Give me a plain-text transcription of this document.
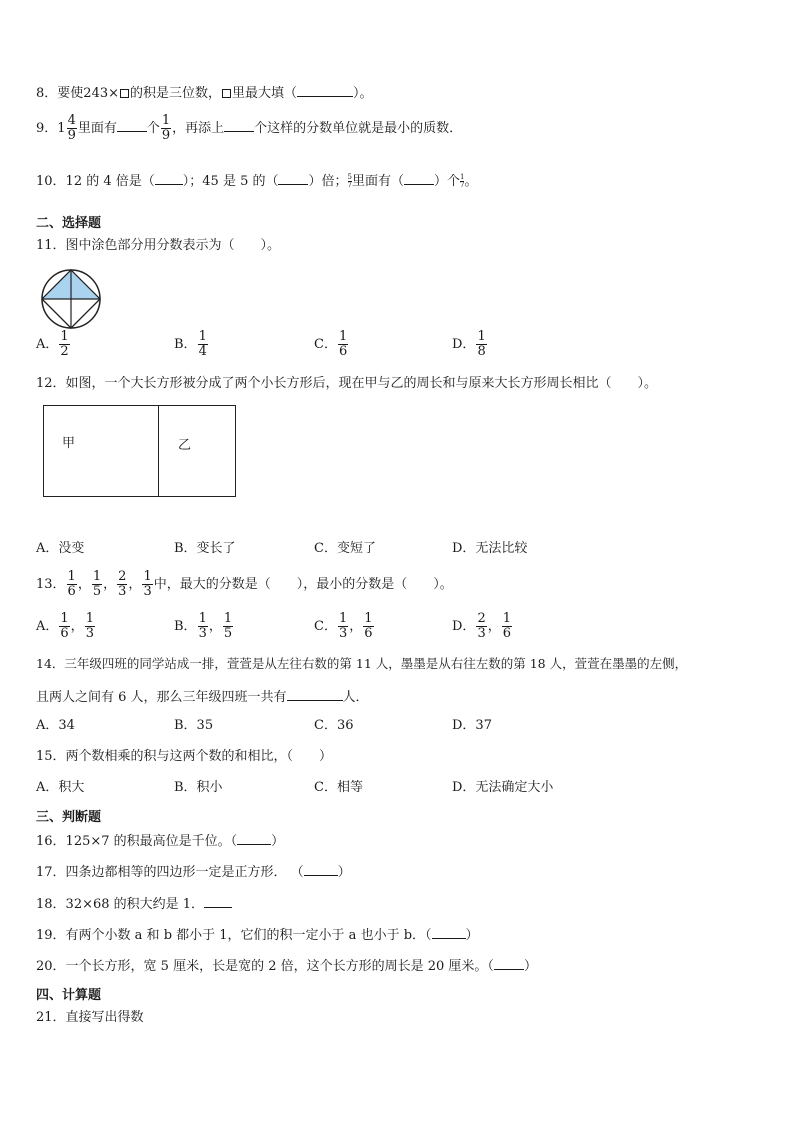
8．要使243× 的积是三位数， 里最大填（	）。
9．$1 \frac{4}{9}$ 里面有 个 $\frac{1}{9}$ ，再添上 个这样的分数单位就是最小的质数．
10．12 的 4 倍是（ ）；45 是 5 的（ ）倍； $\frac{5}{7}$ 里面有（ ）个 $\frac{1}{7}$ 。
二、选择题
11．图中涂色部分用分数表示为（　　）。
A． $\frac{1}{2}$	B． $\frac{1}{4}$	C． $\frac{1}{6}$	D． $\frac{1}{8}$
12．如图，一个大长方形被分成了两个小长方形后，现在甲与乙的周长和与原来大长方形周长相比（　　）。
甲	乙
A．没变	B．变长了	C．变短了	D．无法比较
13． $\frac{1}{6}$ ， $\frac{1}{5}$ ， $\frac{2}{3}$ ， $\frac{1}{3}$ 中，最大的分数是（　　），最小的分数是（　　）。
A． $\frac{1}{6}$ ， $\frac{1}{3}$	B． $\frac{1}{3}$ ， $\frac{1}{5}$	C． $\frac{1}{3}$ ， $\frac{1}{6}$	D． $\frac{2}{3}$ ， $\frac{1}{6}$
14．三年级四班的同学站成一排，萱萱是从左往右数的第 11 人，墨墨是从右往左数的第 18 人，萱萱在墨墨的左侧，
且两人之间有 6 人，那么三年级四班一共有	人．
A．34	B．35	C．36	D．37
15．两个数相乘的积与这两个数的和相比，（　　）
A．积大	B．积小	C．相等	D．无法确定大小
三、判断题
16．125×7 的积最高位是千位。（	）
17．四条边都相等的四边形一定是正方形． （	）
18．32×68 的积大约是 1．
19．有两个小数 a 和 b 都小于 1，它们的积一定小于 a 也小于 b．（	）
20．一个长方形，宽 5 厘米，长是宽的 2 倍，这个长方形的周长是 20 厘米。（ ）
四、计算题
21．直接写出得数
